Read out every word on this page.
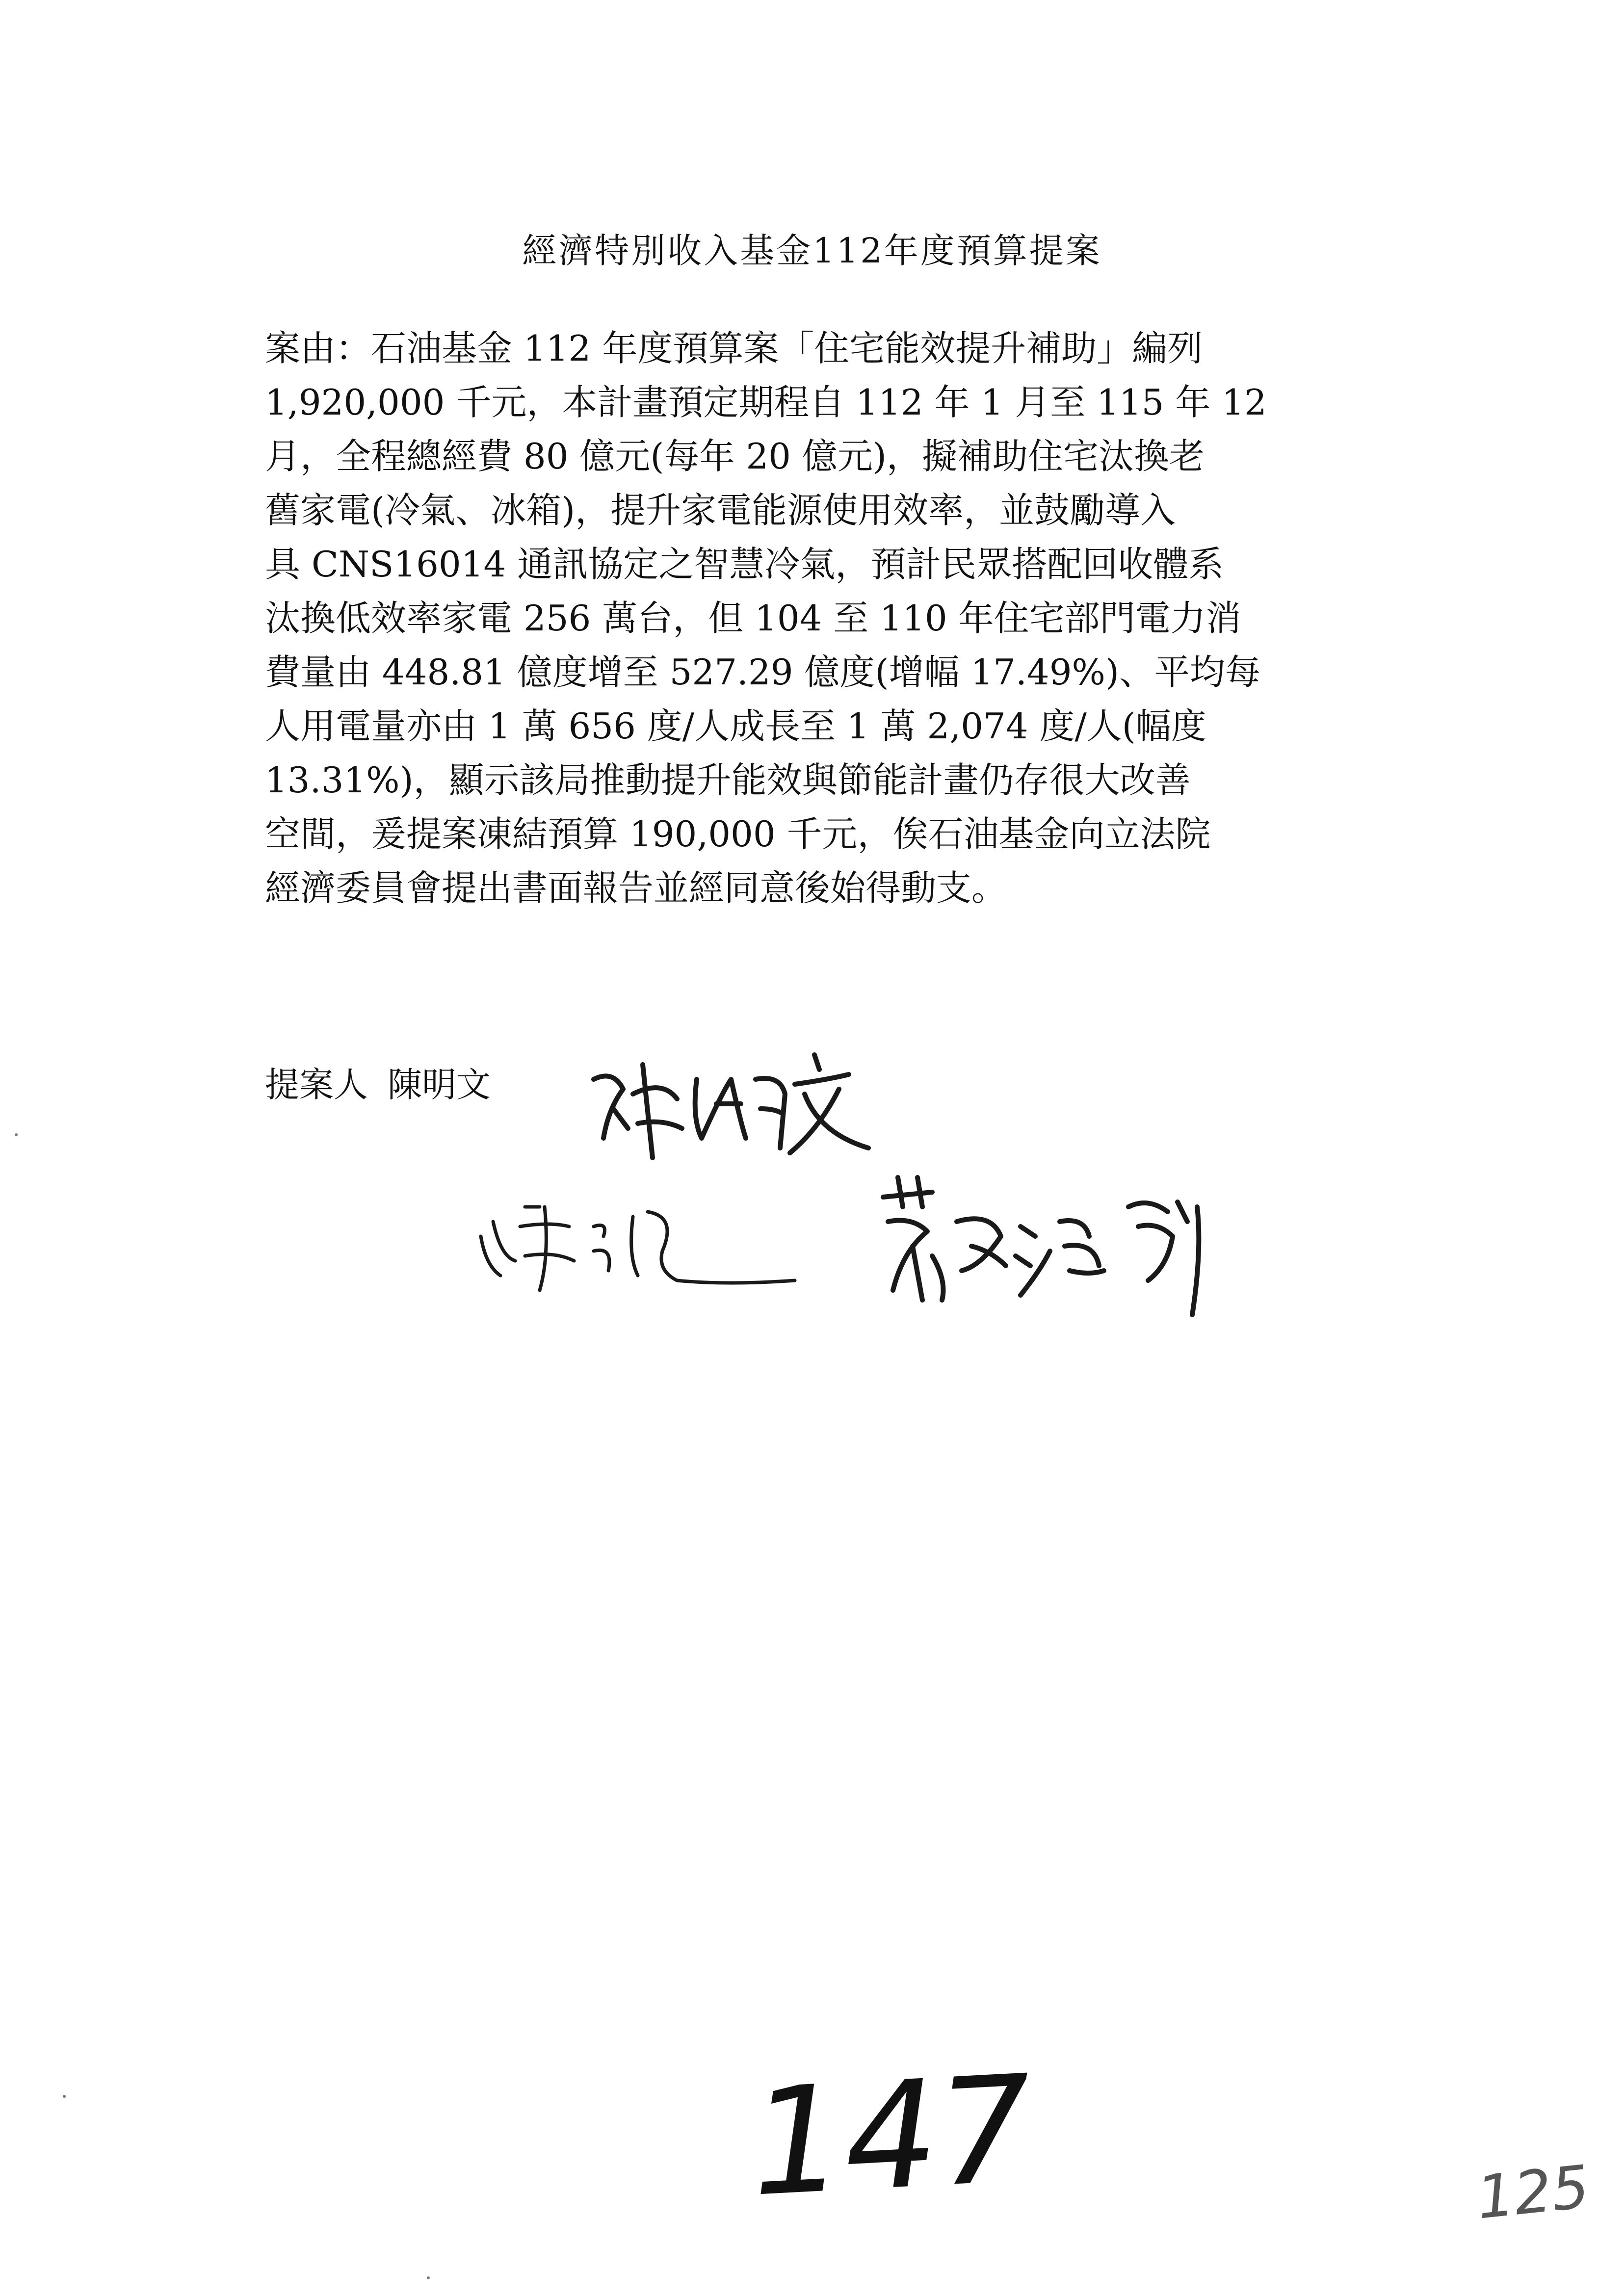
經濟特別收入基金112年度預算提案
案由：石油基金 112 年度預算案「住宅能效提升補助」編列
1,920,000 千元，本計畫預定期程自 112 年 1 月至 115 年 12
月，全程總經費 80 億元(每年 20 億元)，擬補助住宅汰換老
舊家電(冷氣、冰箱)，提升家電能源使用效率，並鼓勵導入
具 CNS16014 通訊協定之智慧冷氣，預計民眾搭配回收體系
汰換低效率家電 256 萬台，但 104 至 110 年住宅部門電力消
費量由 448.81 億度增至 527.29 億度(增幅 17.49%)、平均每
人用電量亦由 1 萬 656 度/人成長至 1 萬 2,074 度/人(幅度
13.31%)，顯示該局推動提升能效與節能計畫仍存很大改善
空間，爰提案凍結預算 190,000 千元，俟石油基金向立法院
經濟委員會提出書面報告並經同意後始得動支。
提案人 陳明文
147	125
